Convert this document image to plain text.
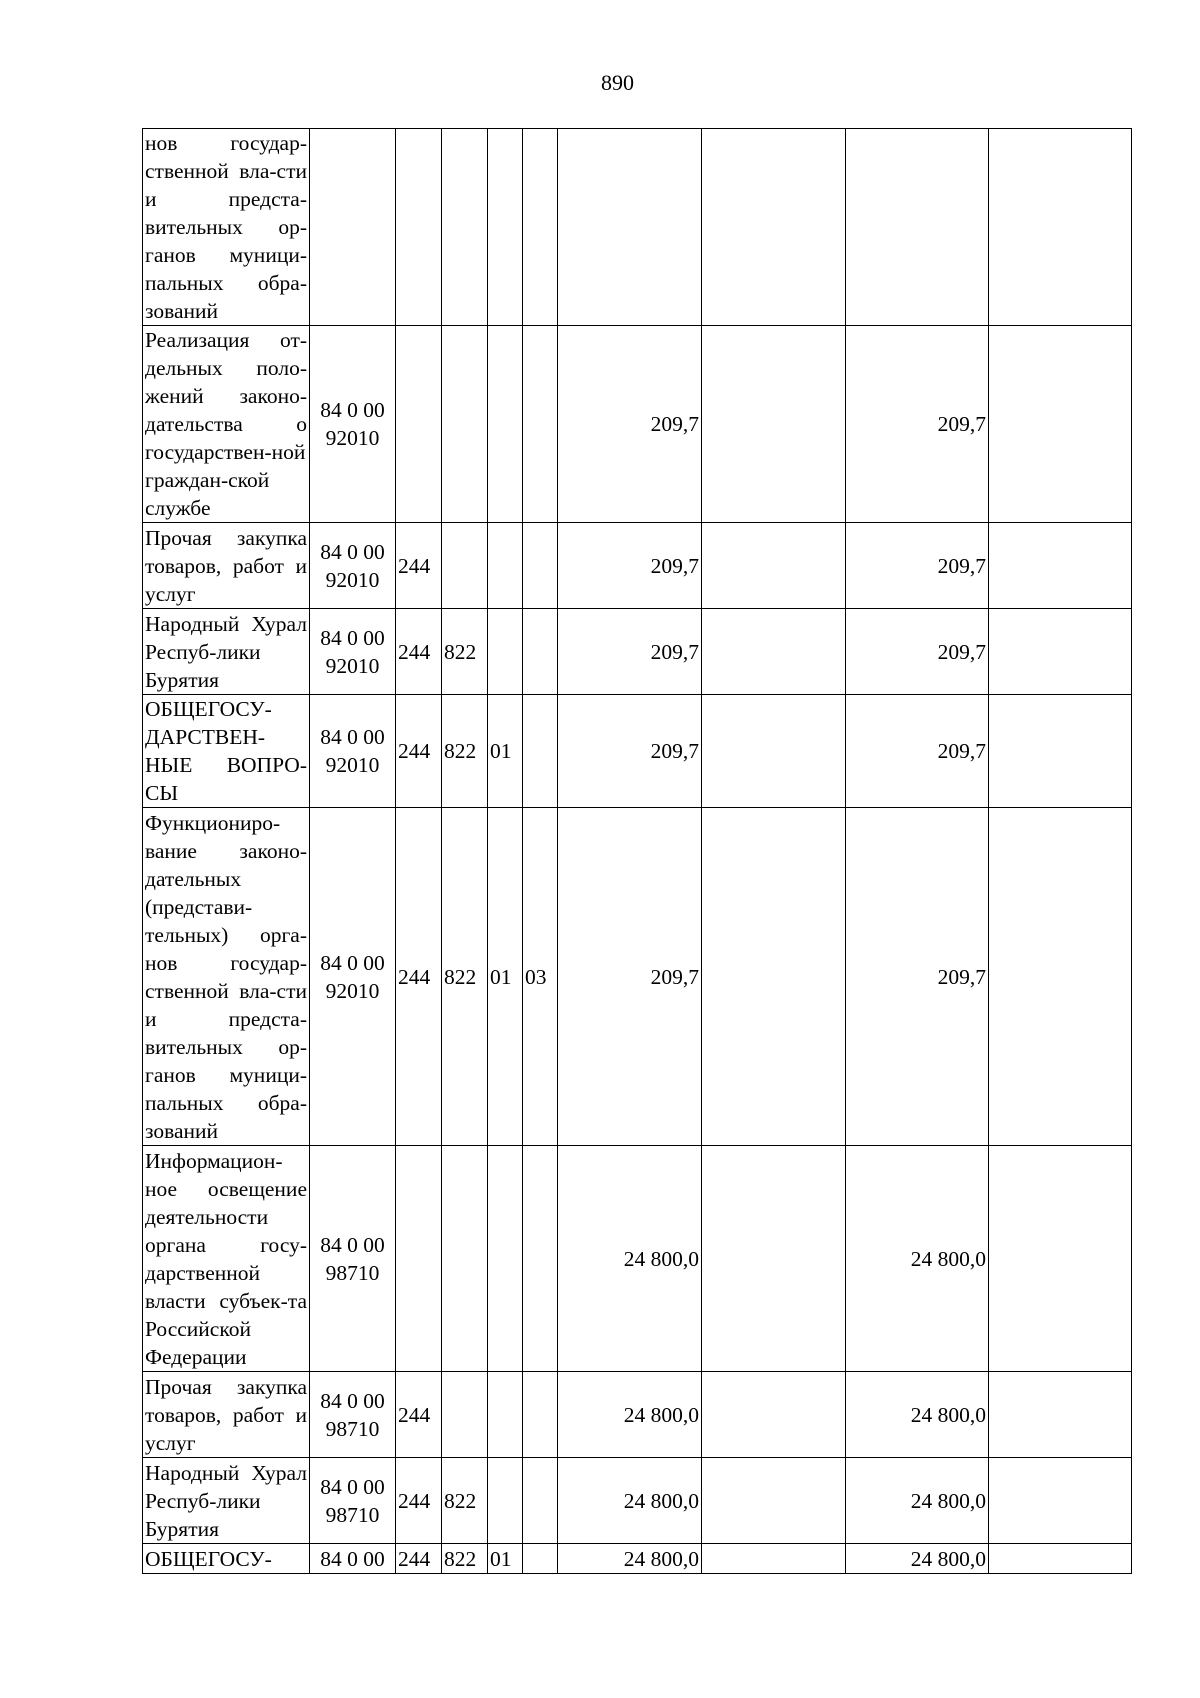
890
нов государ-ственной вла-сти и предста-вительных ор-ганов муници-пальных обра-зований									
Реализация от-дельных поло-жений законо-дательства о государствен-ной граждан-ской службе	84 0 00 92010					209,7		209,7	
Прочая закупка товаров, работ и услуг	84 0 00 92010	244				209,7		209,7	
Народный Хурал Респуб-лики Бурятия	84 0 00 92010	244	822			209,7		209,7	
ОБЩЕГОСУ-ДАРСТВЕН-НЫЕ ВОПРО-СЫ	84 0 00 92010	244	822	01		209,7		209,7	
Функциониро-вание законо-дательных (представи-тельных) орга-нов государ-ственной вла-сти и предста-вительных ор-ганов муници-пальных обра-зований	84 0 00 92010	244	822	01	03	209,7		209,7	
Информацион-ное освещение деятельности органа госу-дарственной власти субъек-та Российской Федерации	84 0 00 98710					24 800,0		24 800,0	
Прочая закупка товаров, работ и услуг	84 0 00 98710	244				24 800,0		24 800,0	
Народный Хурал Респуб-лики Бурятия	84 0 00 98710	244	822			24 800,0		24 800,0	
ОБЩЕГОСУ-	84 0 00	244	822	01		24 800,0		24 800,0	
